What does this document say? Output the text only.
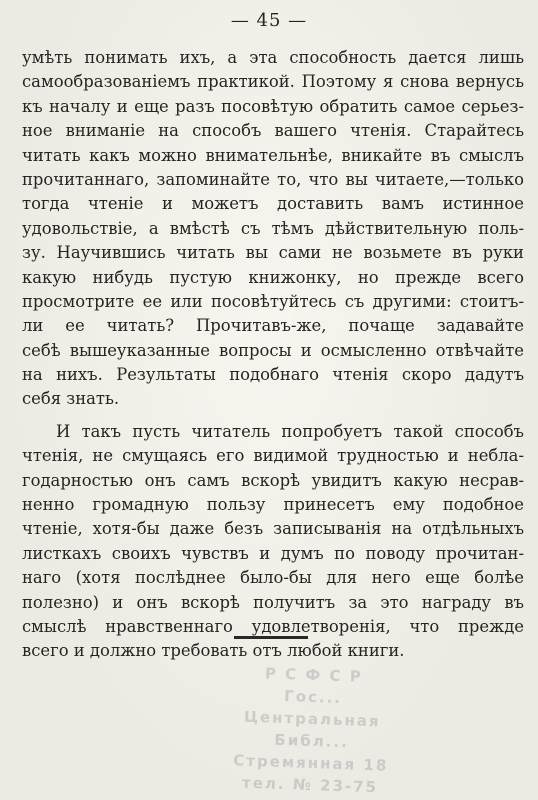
— 45 —

умѣть понимать ихъ, а эта способность дается лишь
самообразованіемъ практикой. Поэтому я снова вернусь
къ началу и еще разъ посовѣтую обратить самое серьез-
ное вниманіе на способъ вашего чтенія. Старайтесь
читать какъ можно внимательнѣе, вникайте въ смыслъ
прочитаннаго, запоминайте то, что вы читаете,—только
тогда чтеніе и можетъ доставить вамъ истинное
удовольствіе, а вмѣстѣ съ тѣмъ дѣйствительную поль-
зу. Научившись читать вы сами не возьмете въ руки
какую нибудь пустую книжонку, но прежде всего
просмотрите ее или посовѣтуйтесь съ другими: стоитъ-
ли ее читать? Прочитавъ-же, почаще задавайте
себѣ вышеуказанные вопросы и осмысленно отвѣчайте
на нихъ. Результаты подобнаго чтенія скоро дадутъ
себя знать.

И такъ пусть читатель попробуетъ такой способъ
чтенія, не смущаясь его видимой трудностью и небла-
годарностью онъ самъ вскорѣ увидитъ какую несрав-
ненно громадную пользу принесетъ ему подобное
чтеніе, хотя-бы даже безъ записыванія на отдѣльныхъ
листкахъ своихъ чувствъ и думъ по поводу прочитан-
наго (хотя послѣднее было-бы для него еще болѣе
полезно) и онъ вскорѣ получитъ за это награду въ
смыслѣ нравственнаго удовлетворенія, что прежде
всего и должно требовать отъ любой книги.

Р С Ф С Р
Гос...
Центральная Библ...
Стремянная 18
тел. № 23-75
